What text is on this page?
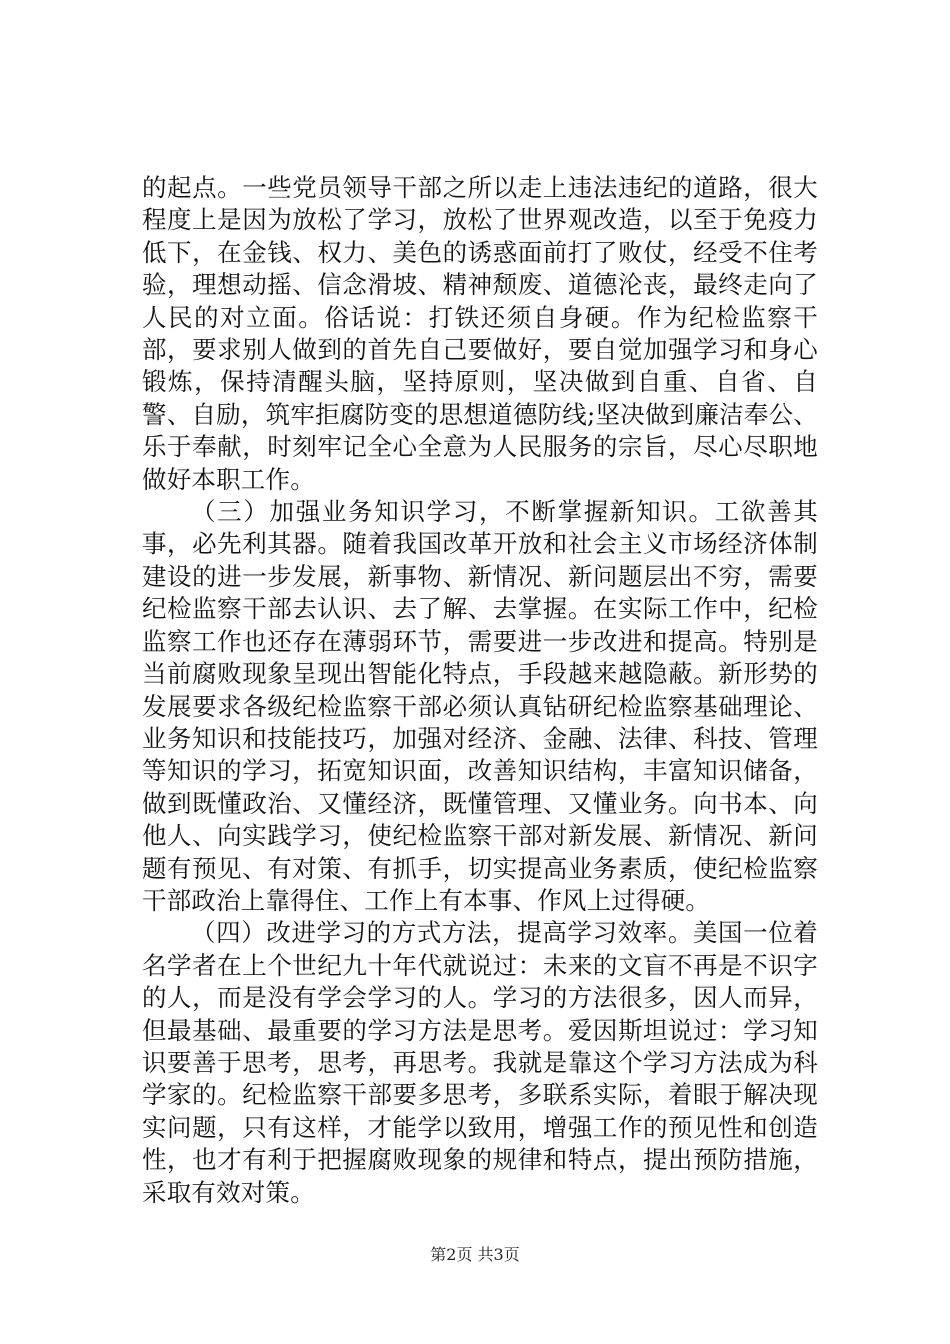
的起点。一些党员领导干部之所以走上违法违纪的道路，很大程度上是因为放松了学习，放松了世界观改造，以至于免疫力低下，在金钱、权力、美色的诱惑面前打了败仗，经受不住考验，理想动摇、信念滑坡、精神颓废、道德沦丧，最终走向了人民的对立面。俗话说：打铁还须自身硬。作为纪检监察干部，要求别人做到的首先自己要做好，要自觉加强学习和身心锻炼，保持清醒头脑，坚持原则，坚决做到自重、自省、自警、自励，筑牢拒腐防变的思想道德防线;坚决做到廉洁奉公、乐于奉献，时刻牢记全心全意为人民服务的宗旨，尽心尽职地做好本职工作。

（三）加强业务知识学习，不断掌握新知识。工欲善其事，必先利其器。随着我国改革开放和社会主义市场经济体制建设的进一步发展，新事物、新情况、新问题层出不穷，需要纪检监察干部去认识、去了解、去掌握。在实际工作中，纪检监察工作也还存在薄弱环节，需要进一步改进和提高。特别是当前腐败现象呈现出智能化特点，手段越来越隐蔽。新形势的发展要求各级纪检监察干部必须认真钻研纪检监察基础理论、业务知识和技能技巧，加强对经济、金融、法律、科技、管理等知识的学习，拓宽知识面，改善知识结构，丰富知识储备，做到既懂政治、又懂经济，既懂管理、又懂业务。向书本、向他人、向实践学习，使纪检监察干部对新发展、新情况、新问题有预见、有对策、有抓手，切实提高业务素质，使纪检监察干部政治上靠得住、工作上有本事、作风上过得硬。

（四）改进学习的方式方法，提高学习效率。美国一位着名学者在上个世纪九十年代就说过：未来的文盲不再是不识字的人，而是没有学会学习的人。学习的方法很多，因人而异，但最基础、最重要的学习方法是思考。爱因斯坦说过：学习知识要善于思考，思考，再思考。我就是靠这个学习方法成为科学家的。纪检监察干部要多思考，多联系实际，着眼于解决现实问题，只有这样，才能学以致用，增强工作的预见性和创造性，也才有利于把握腐败现象的规律和特点，提出预防措施，采取有效对策。

第2页 共3页
